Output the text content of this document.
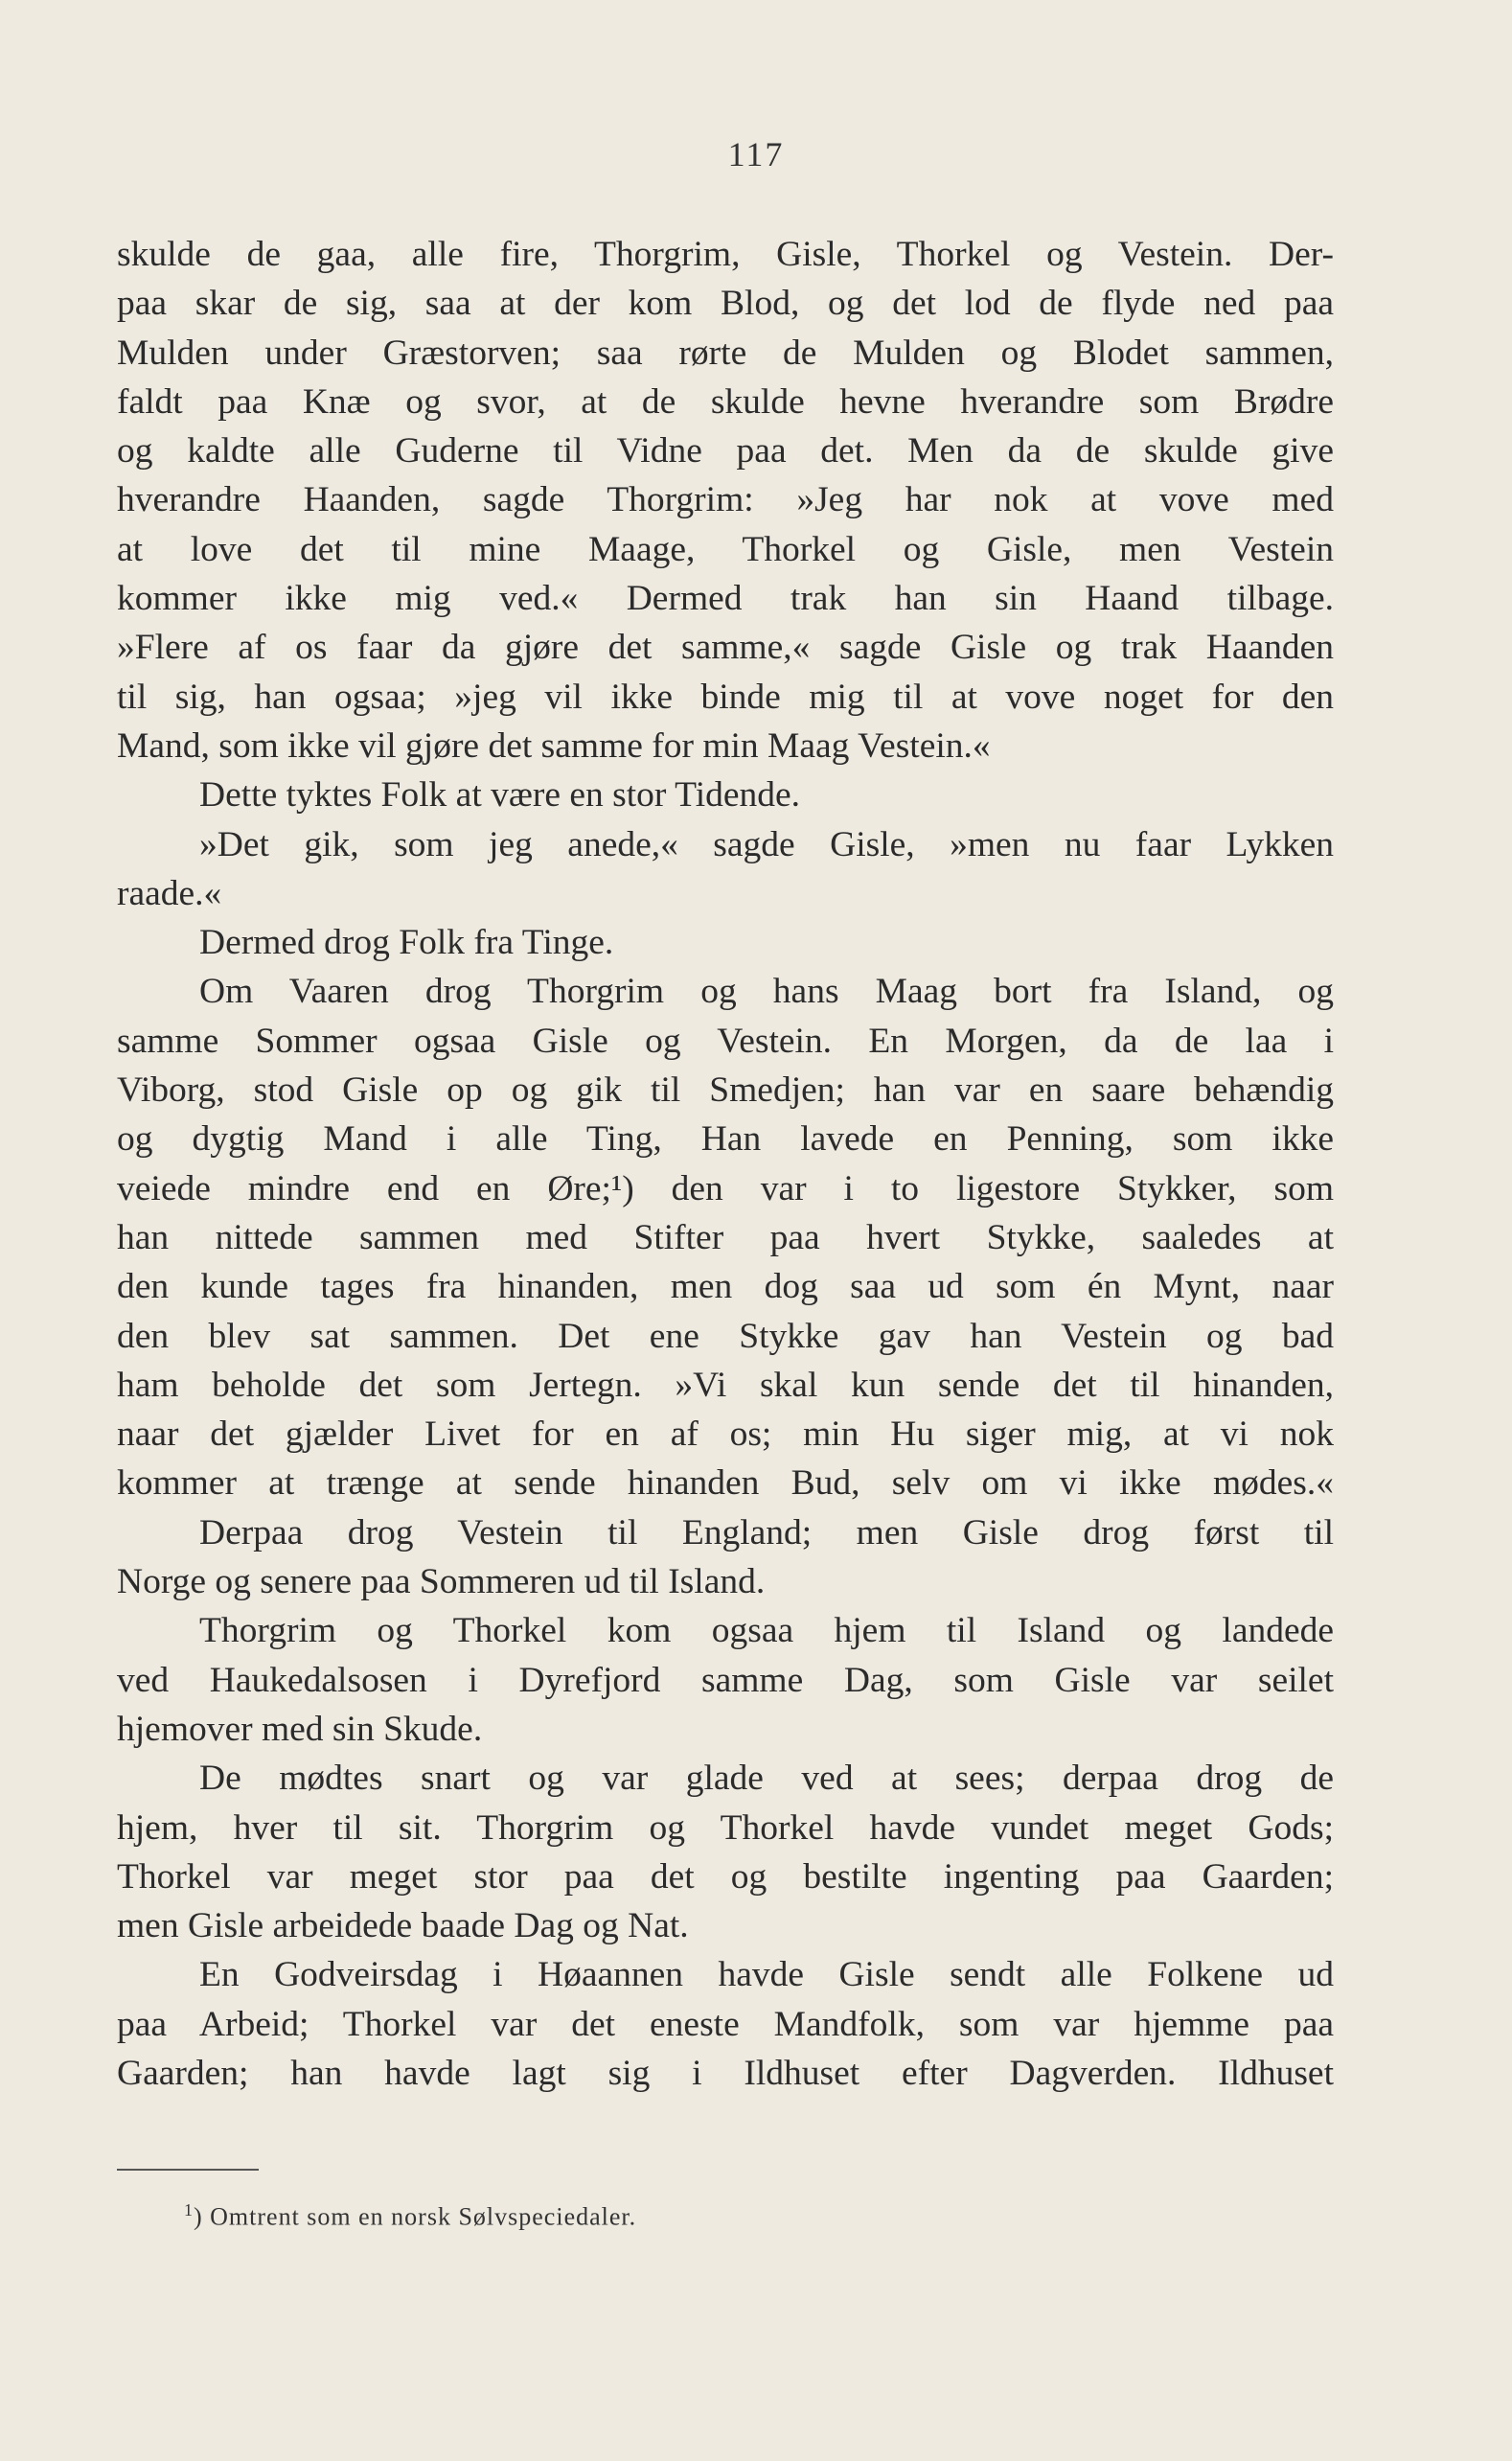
117
skulde de gaa, alle fire, Thorgrim, Gisle, Thorkel og Vestein. Der-
paa skar de sig, saa at der kom Blod, og det lod de flyde ned paa
Mulden under Græstorven; saa rørte de Mulden og Blodet sammen,
faldt paa Knæ og svor, at de skulde hevne hverandre som Brødre
og kaldte alle Guderne til Vidne paa det. Men da de skulde give
hverandre Haanden, sagde Thorgrim: »Jeg har nok at vove med
at love det til mine Maage, Thorkel og Gisle, men Vestein
kommer ikke mig ved.« Dermed trak han sin Haand tilbage.
»Flere af os faar da gjøre det samme,« sagde Gisle og trak Haanden
til sig, han ogsaa; »jeg vil ikke binde mig til at vove noget for den
Mand, som ikke vil gjøre det samme for min Maag Vestein.«
Dette tyktes Folk at være en stor Tidende.
»Det gik, som jeg anede,« sagde Gisle, »men nu faar Lykken
raade.«
Dermed drog Folk fra Tinge.
Om Vaaren drog Thorgrim og hans Maag bort fra Island, og
samme Sommer ogsaa Gisle og Vestein. En Morgen, da de laa i
Viborg, stod Gisle op og gik til Smedjen; han var en saare behændig
og dygtig Mand i alle Ting, Han lavede en Penning, som ikke
veiede mindre end en Øre;¹) den var i to ligestore Stykker, som
han nittede sammen med Stifter paa hvert Stykke, saaledes at
den kunde tages fra hinanden, men dog saa ud som én Mynt, naar
den blev sat sammen. Det ene Stykke gav han Vestein og bad
ham beholde det som Jertegn. »Vi skal kun sende det til hinanden,
naar det gjælder Livet for en af os; min Hu siger mig, at vi nok
kommer at trænge at sende hinanden Bud, selv om vi ikke mødes.«
Derpaa drog Vestein til England; men Gisle drog først til
Norge og senere paa Sommeren ud til Island.
Thorgrim og Thorkel kom ogsaa hjem til Island og landede
ved Haukedalsosen i Dyrefjord samme Dag, som Gisle var seilet
hjemover med sin Skude.
De mødtes snart og var glade ved at sees; derpaa drog de
hjem, hver til sit. Thorgrim og Thorkel havde vundet meget Gods;
Thorkel var meget stor paa det og bestilte ingenting paa Gaarden;
men Gisle arbeidede baade Dag og Nat.
En Godveirsdag i Høaannen havde Gisle sendt alle Folkene ud
paa Arbeid; Thorkel var det eneste Mandfolk, som var hjemme paa
Gaarden; han havde lagt sig i Ildhuset efter Dagverden. Ildhuset
$^1$) Omtrent som en norsk Sølvspeciedaler.
